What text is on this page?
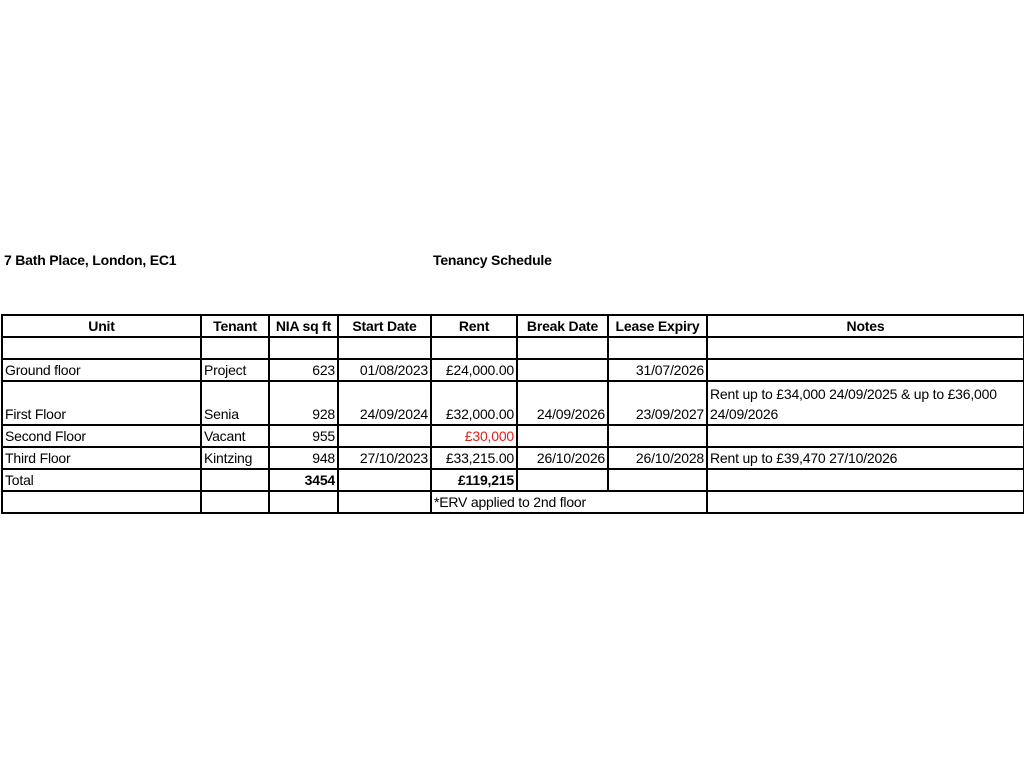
7 Bath Place, London, EC1	Tenancy Schedule
Unit	Tenant	NIA sq ft	Start Date	Rent	Break Date	Lease Expiry	Notes

Ground floor	Project	623	01/08/2023	£24,000.00		31/07/2026	
First Floor	Senia	928	24/09/2024	£32,000.00	24/09/2026	23/09/2027	Rent up to £34,000 24/09/2025 & up to £36,000 24/09/2026
Second Floor	Vacant	955		£30,000			
Third Floor	Kintzing	948	27/10/2023	£33,215.00	26/10/2026	26/10/2028	Rent up to £39,470 27/10/2026
Total		3454		£119,215			
				*ERV applied to 2nd floor			
